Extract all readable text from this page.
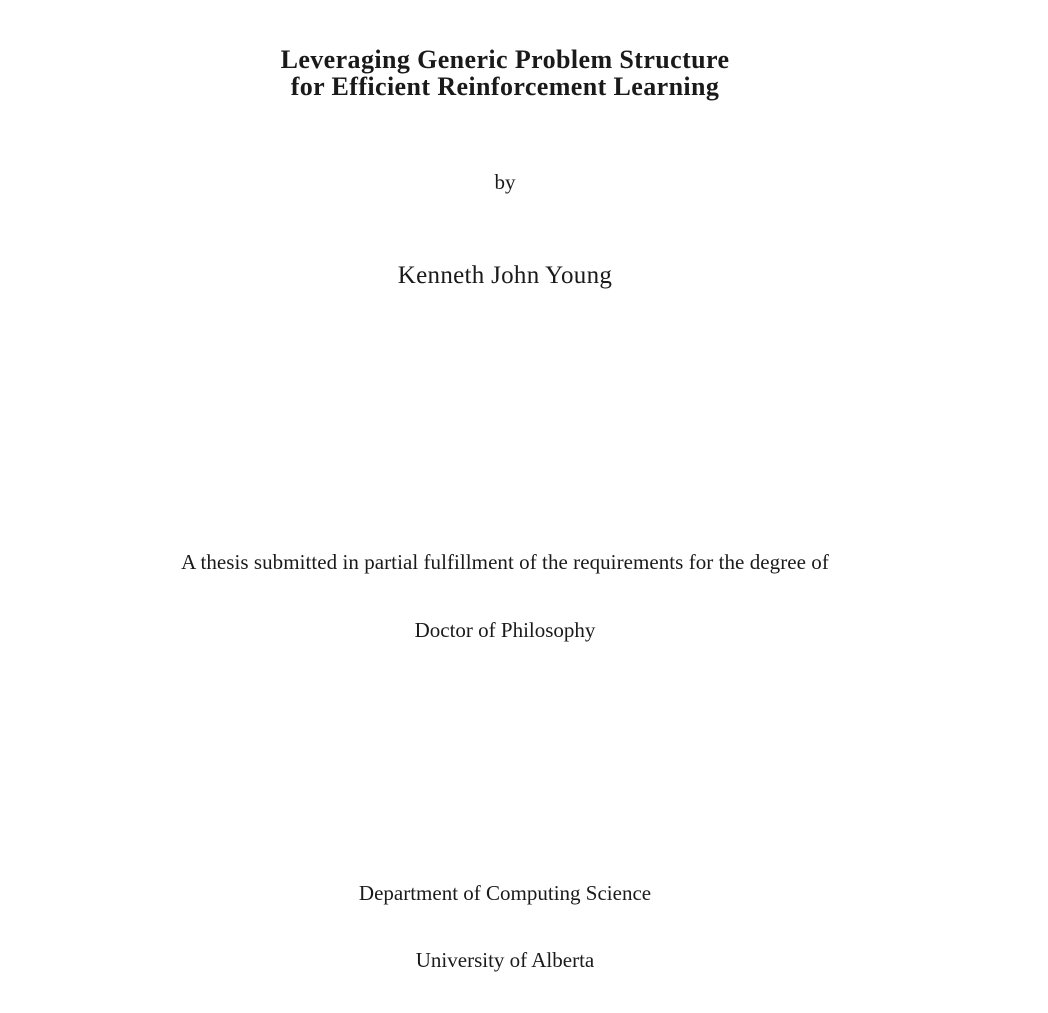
Leveraging Generic Problem Structure
for Efficient Reinforcement Learning
by
Kenneth John Young
A thesis submitted in partial fulfillment of the requirements for the degree of
Doctor of Philosophy
Department of Computing Science
University of Alberta
